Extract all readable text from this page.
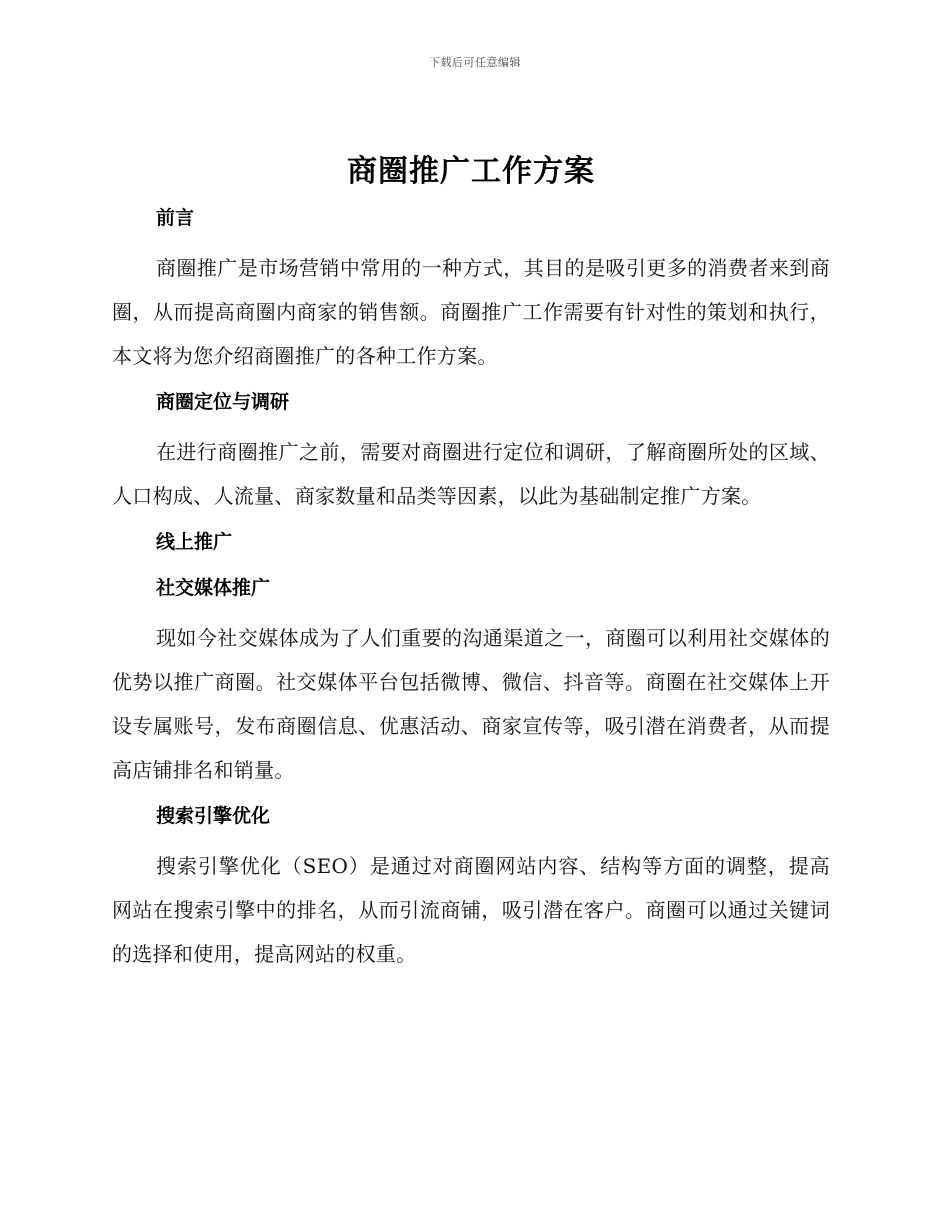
下载后可任意编辑
商圈推广工作方案
前言

商圈推广是市场营销中常用的一种方式，其目的是吸引更多的消费者来到商圈，从而提高商圈内商家的销售额。商圈推广工作需要有针对性的策划和执行，本文将为您介绍商圈推广的各种工作方案。

商圈定位与调研

在进行商圈推广之前，需要对商圈进行定位和调研，了解商圈所处的区域、人口构成、人流量、商家数量和品类等因素，以此为基础制定推广方案。

线上推广
社交媒体推广

现如今社交媒体成为了人们重要的沟通渠道之一，商圈可以利用社交媒体的优势以推广商圈。社交媒体平台包括微博、微信、抖音等。商圈在社交媒体上开设专属账号，发布商圈信息、优惠活动、商家宣传等，吸引潜在消费者，从而提高店铺排名和销量。

搜索引擎优化

搜索引擎优化（SEO）是通过对商圈网站内容、结构等方面的调整，提高网站在搜索引擎中的排名，从而引流商铺，吸引潜在客户。商圈可以通过关键词的选择和使用，提高网站的权重。
